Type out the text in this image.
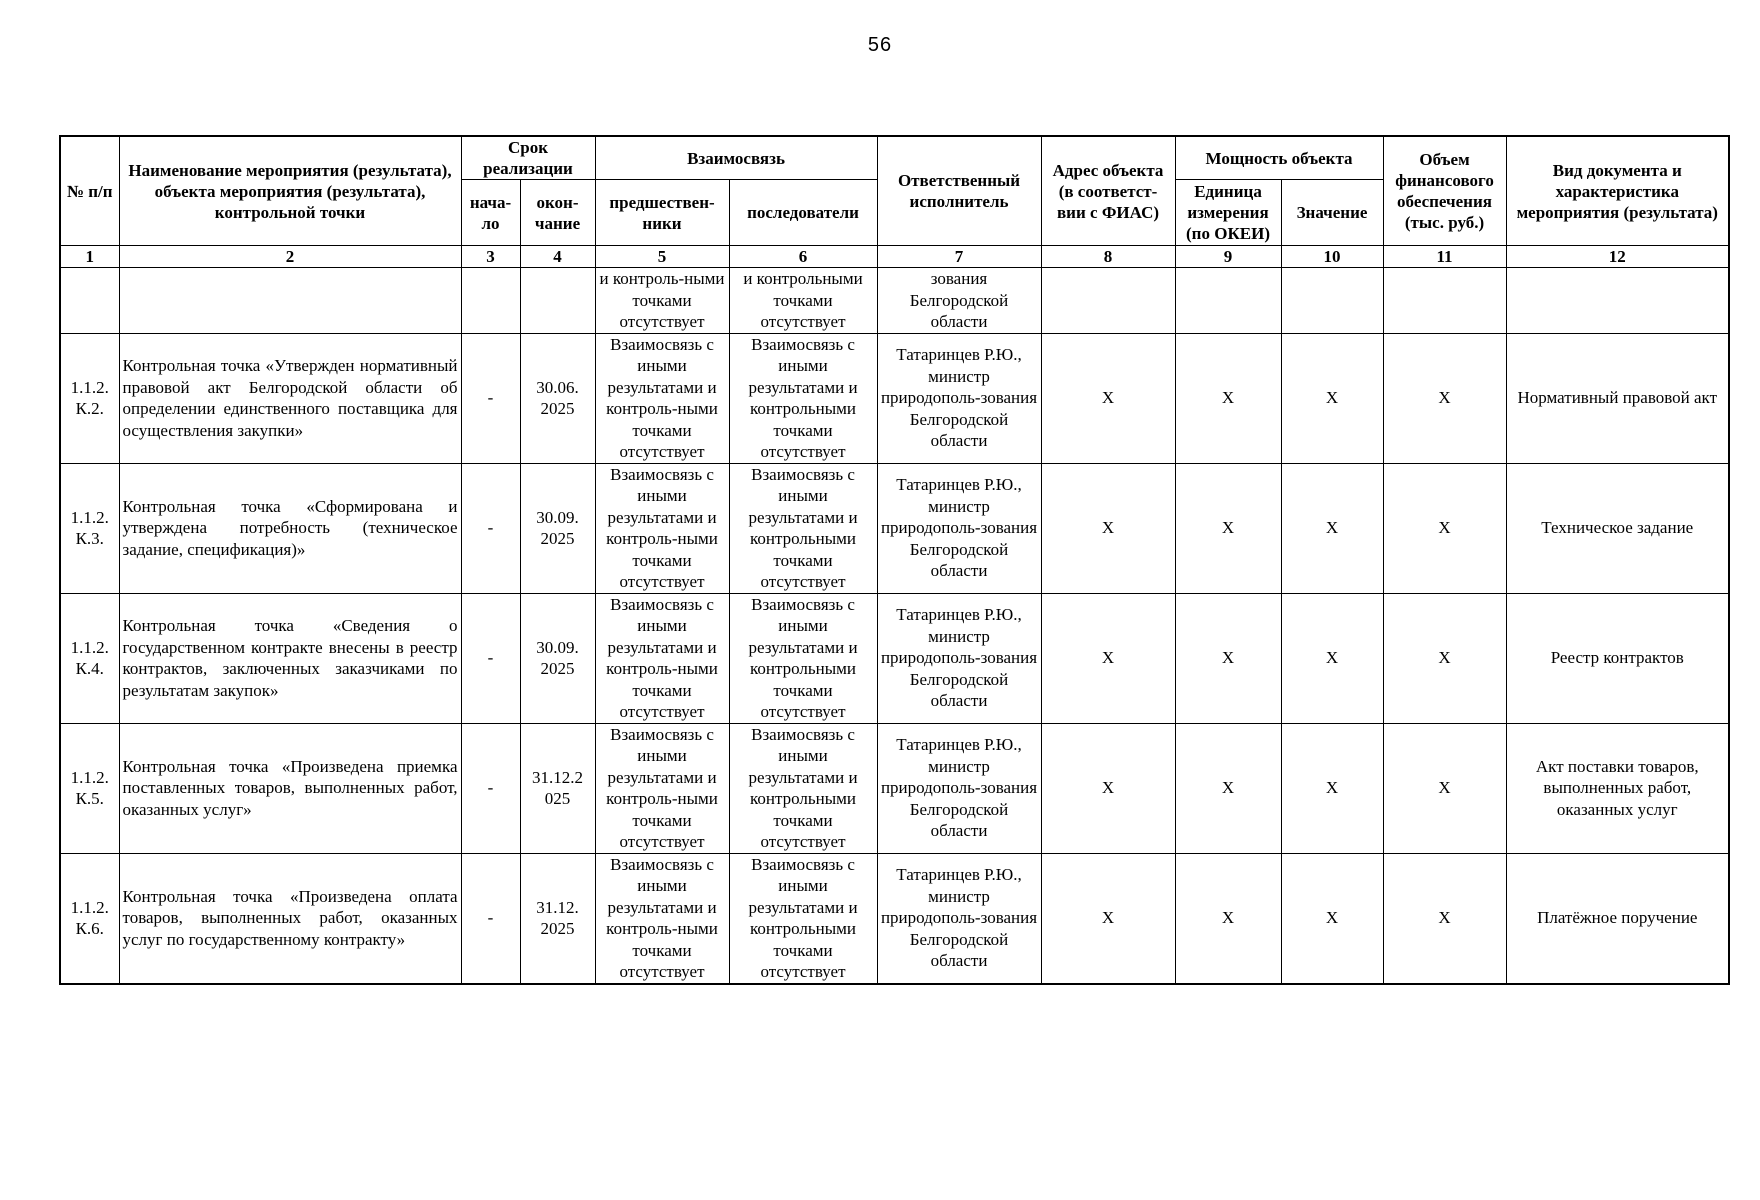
56
№ п/п	Наименование мероприятия (результата), объекта мероприятия (результата), контрольной точки	Срок реализации		Взаимосвязь		Ответственный исполнитель	Адрес объекта (в соответст-вии с ФИАС)	Мощность объекта		Объем финансового обеспечения (тыс. руб.)	Вид документа и характеристика мероприятия (результата)
		нача-ло	окон-чание	предшествен-ники	последователи			Единица измерения (по ОКЕИ)	Значение		
1	2	3	4	5	6	7	8	9	10	11	12
				и контроль-ными точками отсутствует	и контрольными точками отсутствует	зования Белгородской области					
1.1.2. К.2.	Контрольная точка «Утвержден нормативный правовой акт Белгородской области об определении единственного поставщика для осуществления закупки»	-	30.06. 2025	Взаимосвязь с иными результатами и контроль-ными точками отсутствует	Взаимосвязь с иными результатами и контрольными точками отсутствует	Татаринцев Р.Ю., министр природополь-зования Белгородской области	X	X	X	X	Нормативный правовой акт
1.1.2. К.3.	Контрольная точка «Сформирована и утверждена потребность (техническое задание, спецификация)»	-	30.09. 2025	Взаимосвязь с иными результатами и контроль-ными точками отсутствует	Взаимосвязь с иными результатами и контрольными точками отсутствует	Татаринцев Р.Ю., министр природополь-зования Белгородской области	X	X	X	X	Техническое задание
1.1.2. К.4.	Контрольная точка «Сведения о государственном контракте внесены в реестр контрактов, заключенных заказчиками по результатам закупок»	-	30.09. 2025	Взаимосвязь с иными результатами и контроль-ными точками отсутствует	Взаимосвязь с иными результатами и контрольными точками отсутствует	Татаринцев Р.Ю., министр природополь-зования Белгородской области	X	X	X	X	Реестр контрактов
1.1.2. К.5.	Контрольная точка «Произведена приемка поставленных товаров, выполненных работ, оказанных услуг»	-	31.12.2 025	Взаимосвязь с иными результатами и контроль-ными точками отсутствует	Взаимосвязь с иными результатами и контрольными точками отсутствует	Татаринцев Р.Ю., министр природополь-зования Белгородской области	X	X	X	X	Акт поставки товаров, выполненных работ, оказанных услуг
1.1.2. К.6.	Контрольная точка «Произведена оплата товаров, выполненных работ, оказанных услуг по государственному контракту»	-	31.12. 2025	Взаимосвязь с иными результатами и контроль-ными точками отсутствует	Взаимосвязь с иными результатами и контрольными точками отсутствует	Татаринцев Р.Ю., министр природополь-зования Белгородской области	X	X	X	X	Платёжное поручение
